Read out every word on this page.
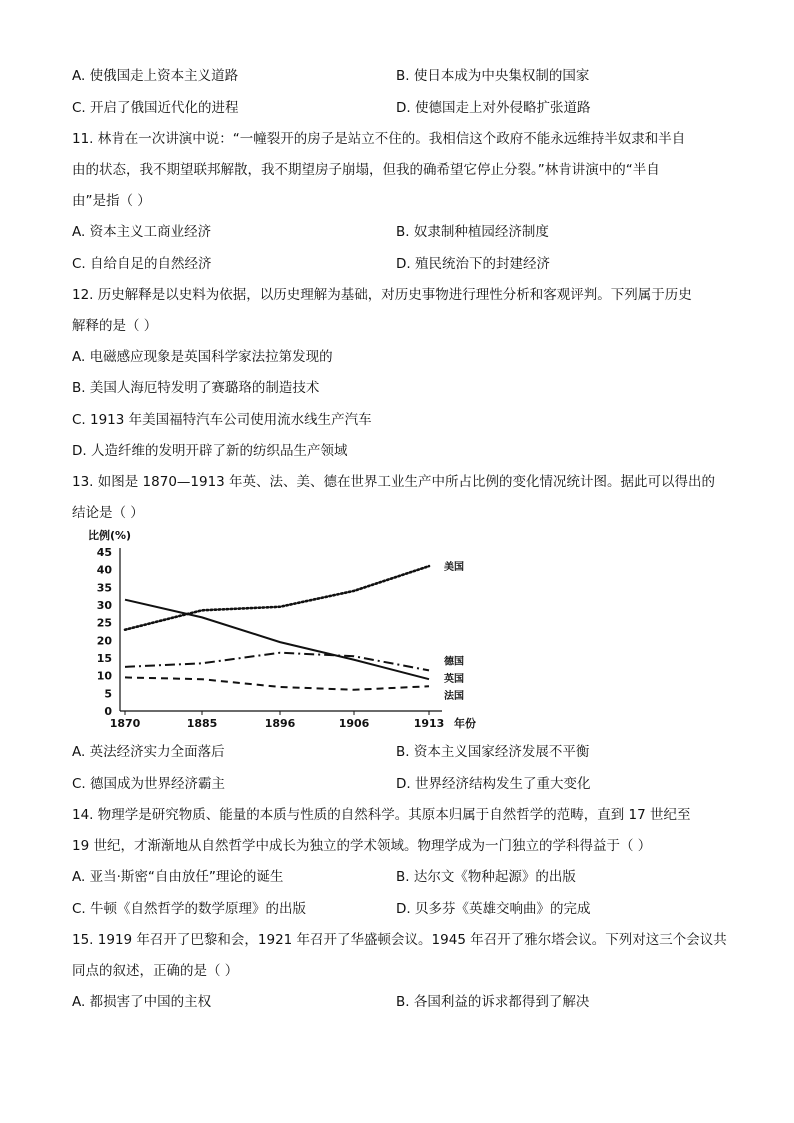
A. 使俄国走上资本主义道路	B. 使日本成为中央集权制的国家
C. 开启了俄国近代化的进程	D. 使德国走上对外侵略扩张道路
11. 林肯在一次讲演中说：“一幢裂开的房子是站立不住的。我相信这个政府不能永远维持半奴隶和半自
由的状态，我不期望联邦解散，我不期望房子崩塌，但我的确希望它停止分裂。”林肯讲演中的“半自
由”是指（ ）
A. 资本主义工商业经济	B. 奴隶制种植园经济制度
C. 自给自足的自然经济	D. 殖民统治下的封建经济
12. 历史解释是以史料为依据，以历史理解为基础，对历史事物进行理性分析和客观评判。下列属于历史
解释的是（ ）
A. 电磁感应现象是英国科学家法拉第发现的
B. 美国人海厄特发明了赛璐珞的制造技术
C. 1913 年美国福特汽车公司使用流水线生产汽车
D. 人造纤维的发明开辟了新的纺织品生产领域
13. 如图是 1870—1913 年英、法、美、德在世界工业生产中所占比例的变化情况统计图。据此可以得出的
结论是（ ）
比例(%)
年份
0
5
10
15
20
25
30
35
40
45
1870	1885	1896	1906	1913
美国
德国
英国
法国
A. 英法经济实力全面落后	B. 资本主义国家经济发展不平衡
C. 德国成为世界经济霸主	D. 世界经济结构发生了重大变化
14. 物理学是研究物质、能量的本质与性质的自然科学。其原本归属于自然哲学的范畴，直到 17 世纪至
19 世纪，才渐渐地从自然哲学中成长为独立的学术领域。物理学成为一门独立的学科得益于（ ）
A. 亚当·斯密“自由放任”理论的诞生	B. 达尔文《物种起源》的出版
C. 牛顿《自然哲学的数学原理》的出版	D. 贝多芬《英雄交响曲》的完成
15. 1919 年召开了巴黎和会，1921 年召开了华盛顿会议。1945 年召开了雅尔塔会议。下列对这三个会议共
同点的叙述，正确的是（ ）
A. 都损害了中国的主权	B. 各国利益的诉求都得到了解决
